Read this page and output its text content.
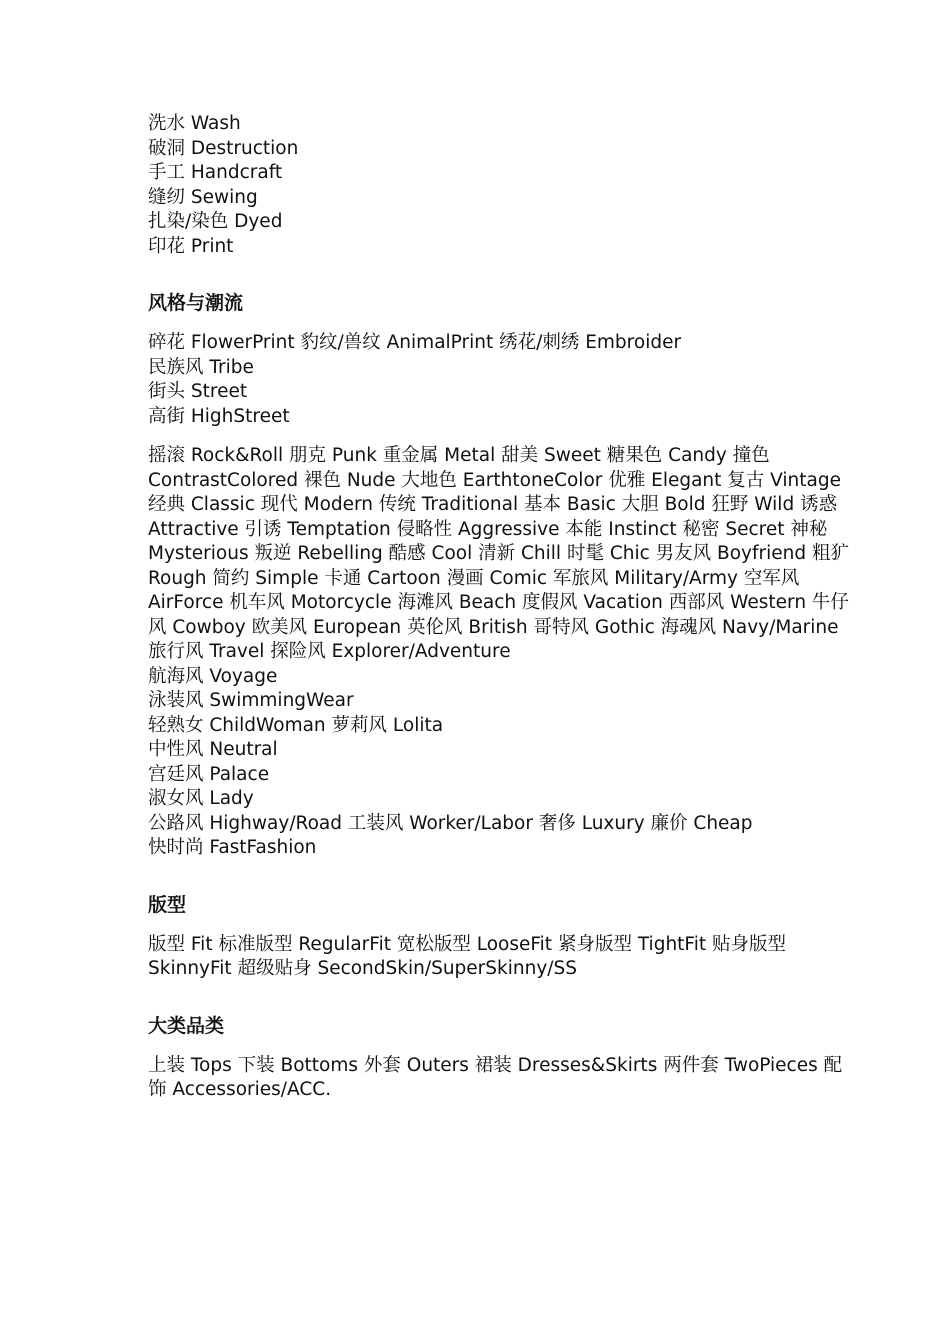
洗水 Wash

破洞 Destruction

手工 Handcraft

缝纫 Sewing

扎染/染色 Dyed

印花 Print

风格与潮流

碎花 FlowerPrint 豹纹/兽纹 AnimalPrint 绣花/刺绣 Embroider

民族风 Tribe

街头 Street

高街 HighStreet

摇滚 Rock&Roll 朋克 Punk 重金属 Metal 甜美 Sweet 糖果色 Candy 撞色

ContrastColored 裸色 Nude 大地色 EarthtoneColor 优雅 Elegant 复古 Vintage

经典 Classic 现代 Modern 传统 Traditional 基本 Basic 大胆 Bold 狂野 Wild 诱惑

Attractive 引诱 Temptation 侵略性 Aggressive 本能 Instinct 秘密 Secret 神秘

Mysterious 叛逆 Rebelling 酷感 Cool 清新 Chill 时髦 Chic 男友风 Boyfriend 粗犷

Rough 简约 Simple 卡通 Cartoon 漫画 Comic 军旅风 Military/Army 空军风

AirForce 机车风 Motorcycle 海滩风 Beach 度假风 Vacation 西部风 Western 牛仔

风 Cowboy 欧美风 European 英伦风 British 哥特风 Gothic 海魂风 Navy/Marine

旅行风 Travel 探险风 Explorer/Adventure

航海风 Voyage

泳装风 SwimmingWear

轻熟女 ChildWoman 萝莉风 Lolita

中性风 Neutral

宫廷风 Palace

淑女风 Lady

公路风 Highway/Road 工装风 Worker/Labor 奢侈 Luxury 廉价 Cheap

快时尚 FastFashion

版型

版型 Fit 标准版型 RegularFit 宽松版型 LooseFit 紧身版型 TightFit 贴身版型

SkinnyFit 超级贴身 SecondSkin/SuperSkinny/SS

大类品类

上装 Tops 下装 Bottoms 外套 Outers 裙装 Dresses&Skirts 两件套 TwoPieces 配

饰 Accessories/ACC.
